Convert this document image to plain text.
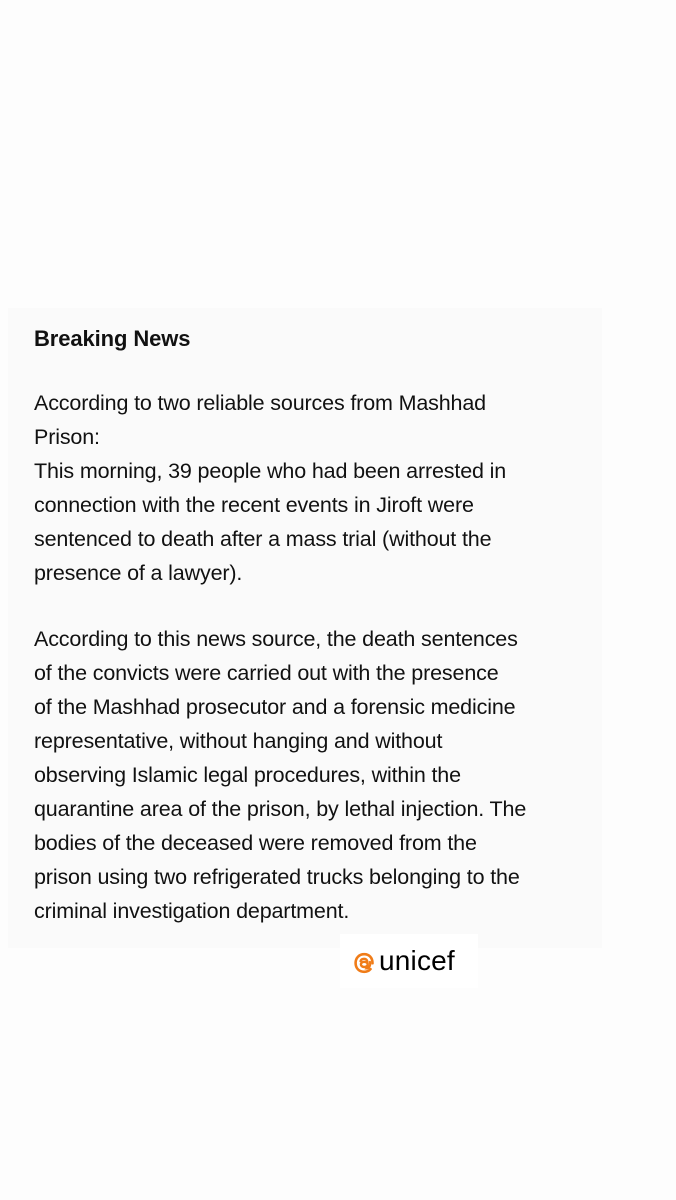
Breaking News

According to two reliable sources from Mashhad
Prison:
This morning, 39 people who had been arrested in
connection with the recent events in Jiroft were
sentenced to death after a mass trial (without the
presence of a lawyer).

According to this news source, the death sentences
of the convicts were carried out with the presence
of the Mashhad prosecutor and a forensic medicine
representative, without hanging and without
observing Islamic legal procedures, within the
quarantine area of the prison, by lethal injection. The
bodies of the deceased were removed from the
prison using two refrigerated trucks belonging to the
criminal investigation department.

unicef
